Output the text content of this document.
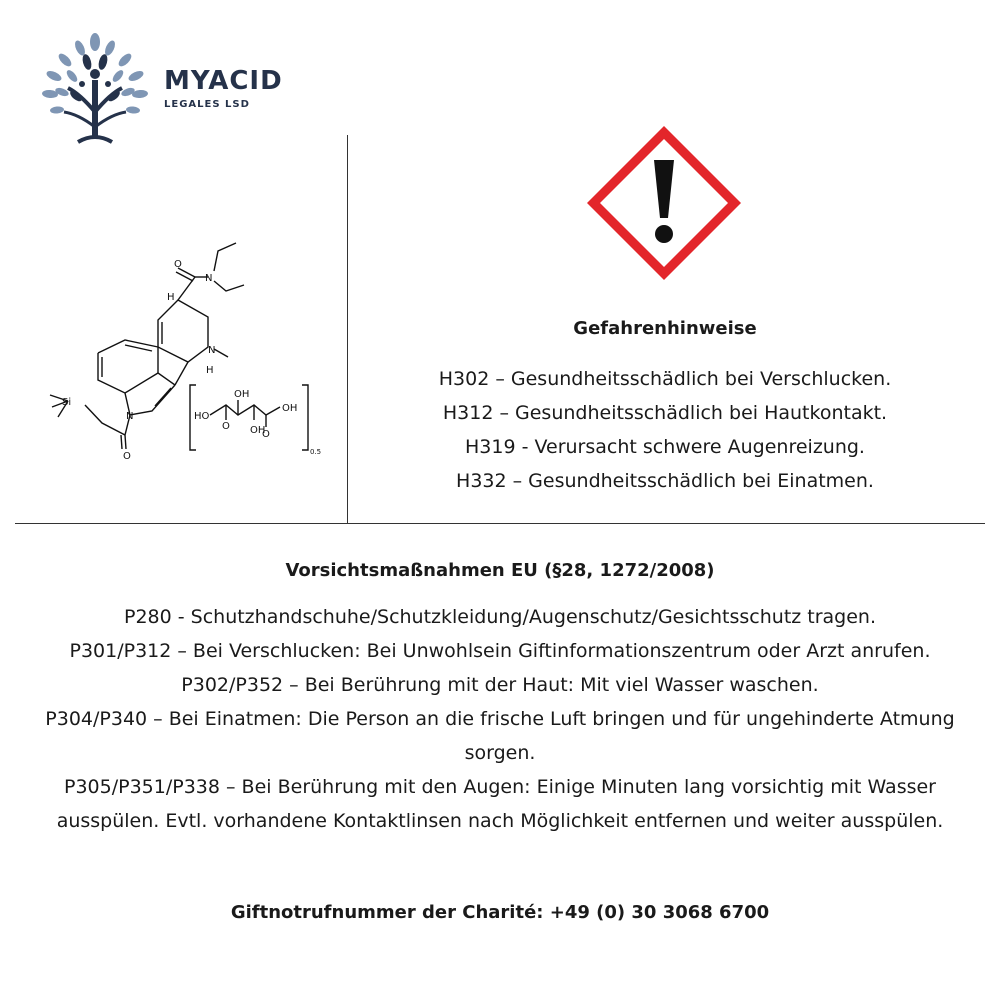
MYACID
LEGALES LSD
O
N
H
H
N
N
O
Si
OH
HO
O OH
O
OH
0.5
Gefahrenhinweise
H302 – Gesundheitsschädlich bei Verschlucken.
H312 – Gesundheitsschädlich bei Hautkontakt.
H319 - Verursacht schwere Augenreizung.
H332 – Gesundheitsschädlich bei Einatmen.
Vorsichtsmaßnahmen EU (§28, 1272/2008)
P280 - Schutzhandschuhe/Schutzkleidung/Augenschutz/Gesichtsschutz tragen.
P301/P312 – Bei Verschlucken: Bei Unwohlsein Giftinformationszentrum oder Arzt anrufen.
P302/P352 – Bei Berührung mit der Haut: Mit viel Wasser waschen.
P304/P340 – Bei Einatmen: Die Person an die frische Luft bringen und für ungehinderte Atmung sorgen.
P305/P351/P338 – Bei Berührung mit den Augen: Einige Minuten lang vorsichtig mit Wasser ausspülen. Evtl. vorhandene Kontaktlinsen nach Möglichkeit entfernen und weiter ausspülen.
Giftnotrufnummer der Charité: +49 (0) 30 3068 6700
